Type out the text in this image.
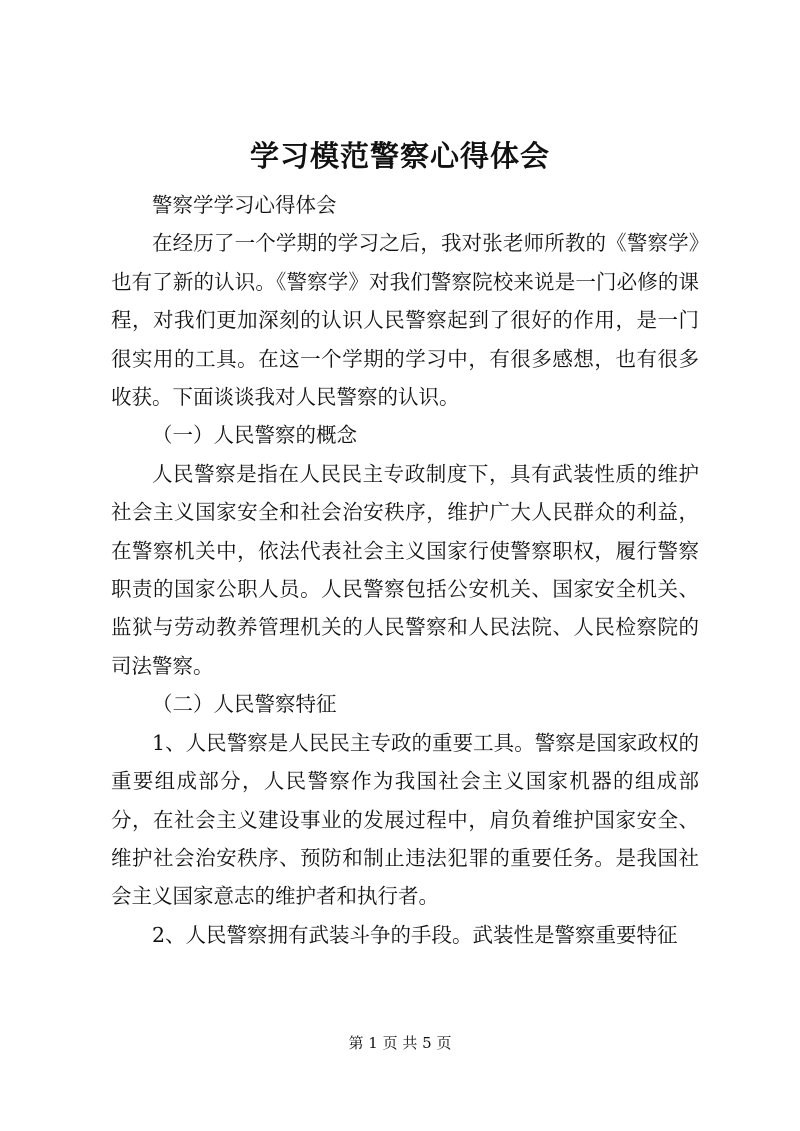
学习模范警察心得体会

警察学学习心得体会

在经历了一个学期的学习之后，我对张老师所教的《警察学》也有了新的认识。《警察学》对我们警察院校来说是一门必修的课程，对我们更加深刻的认识人民警察起到了很好的作用，是一门很实用的工具。在这一个学期的学习中，有很多感想，也有很多收获。下面谈谈我对人民警察的认识。

（一）人民警察的概念

人民警察是指在人民民主专政制度下，具有武装性质的维护社会主义国家安全和社会治安秩序，维护广大人民群众的利益，在警察机关中，依法代表社会主义国家行使警察职权，履行警察职责的国家公职人员。人民警察包括公安机关、国家安全机关、监狱与劳动教养管理机关的人民警察和人民法院、人民检察院的司法警察。

（二）人民警察特征

1、人民警察是人民民主专政的重要工具。警察是国家政权的重要组成部分，人民警察作为我国社会主义国家机器的组成部分，在社会主义建设事业的发展过程中，肩负着维护国家安全、维护社会治安秩序、预防和制止违法犯罪的重要任务。是我国社会主义国家意志的维护者和执行者。

2、人民警察拥有武装斗争的手段。武装性是警察重要特征

第 1 页 共 5 页
